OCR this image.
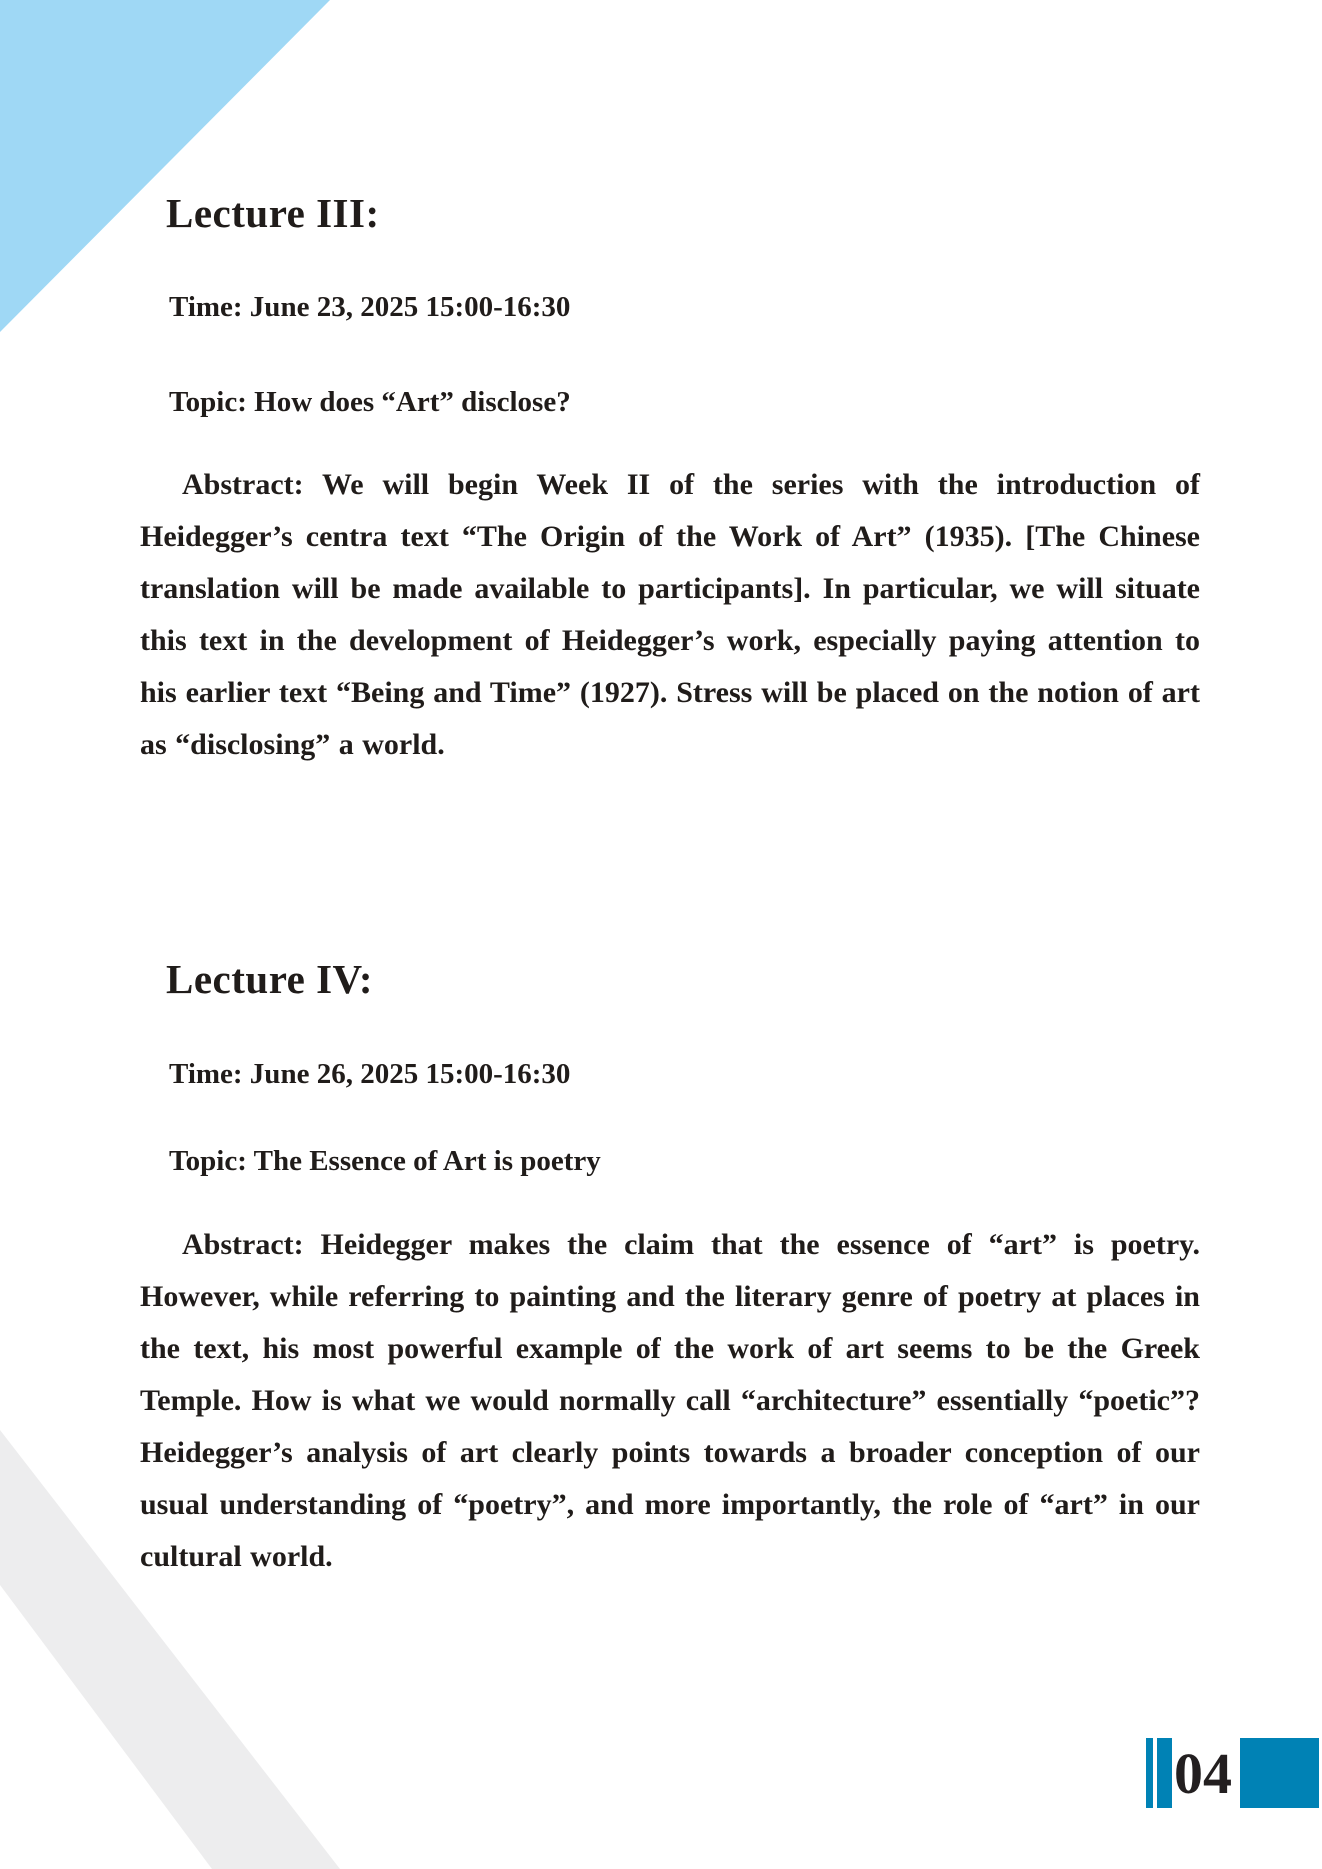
Lecture III:

Time: June 23, 2025 15:00-16:30

Topic: How does “Art” disclose?

Abstract: We will begin Week II of the series with the introduction of Heidegger’s centra text “The Origin of the Work of Art” (1935). [The Chinese translation will be made available to participants]. In particular, we will situate this text in the development of Heidegger’s work, especially paying attention to his earlier text “Being and Time” (1927). Stress will be placed on the notion of art as “disclosing” a world.

Lecture IV:

Time: June 26, 2025 15:00-16:30

Topic: The Essence of Art is poetry

Abstract: Heidegger makes the claim that the essence of “art” is poetry. However, while referring to painting and the literary genre of poetry at places in the text, his most powerful example of the work of art seems to be the Greek Temple. How is what we would normally call “architecture” essentially “poetic”? Heidegger’s analysis of art clearly points towards a broader conception of our usual understanding of “poetry”, and more importantly, the role of “art” in our cultural world.

04
